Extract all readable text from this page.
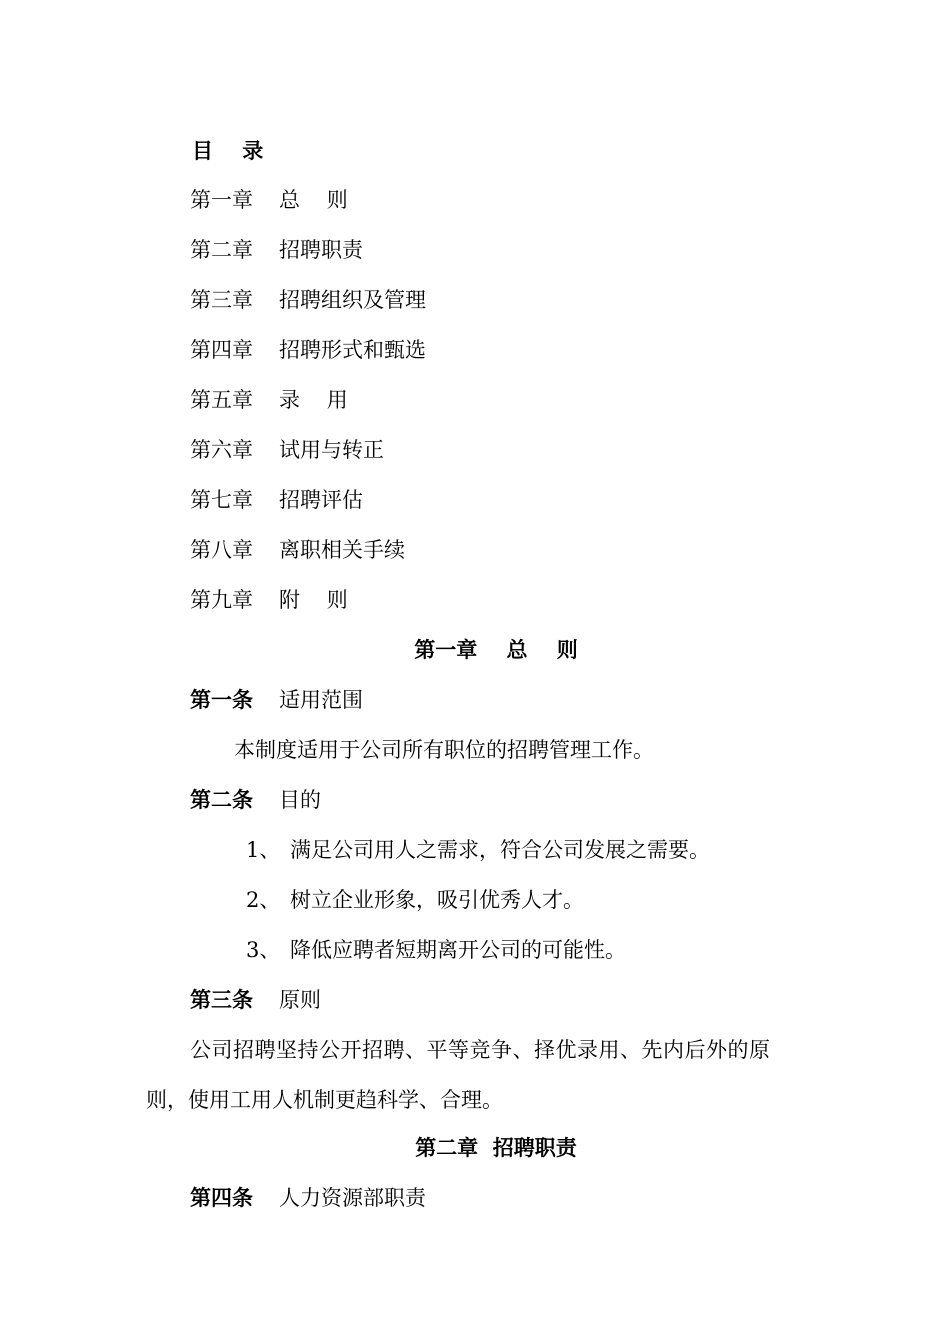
目    录
第一章 总    则
第二章 招聘职责
第三章 招聘组织及管理
第四章 招聘形式和甄选
第五章 录    用
第六章 试用与转正
第七章 招聘评估
第八章 离职相关手续
第九章 附    则
第一章    总    则
第一条 适用范围
本制度适用于公司所有职位的招聘管理工作。
第二条 目的
1、 满足公司用人之需求，符合公司发展之需要。
2、 树立企业形象，吸引优秀人才。
3、 降低应聘者短期离开公司的可能性。
第三条 原则
公司招聘坚持公开招聘、平等竞争、择优录用、先内后外的原
则，使用工用人机制更趋科学、合理。
第二章  招聘职责
第四条 人力资源部职责
